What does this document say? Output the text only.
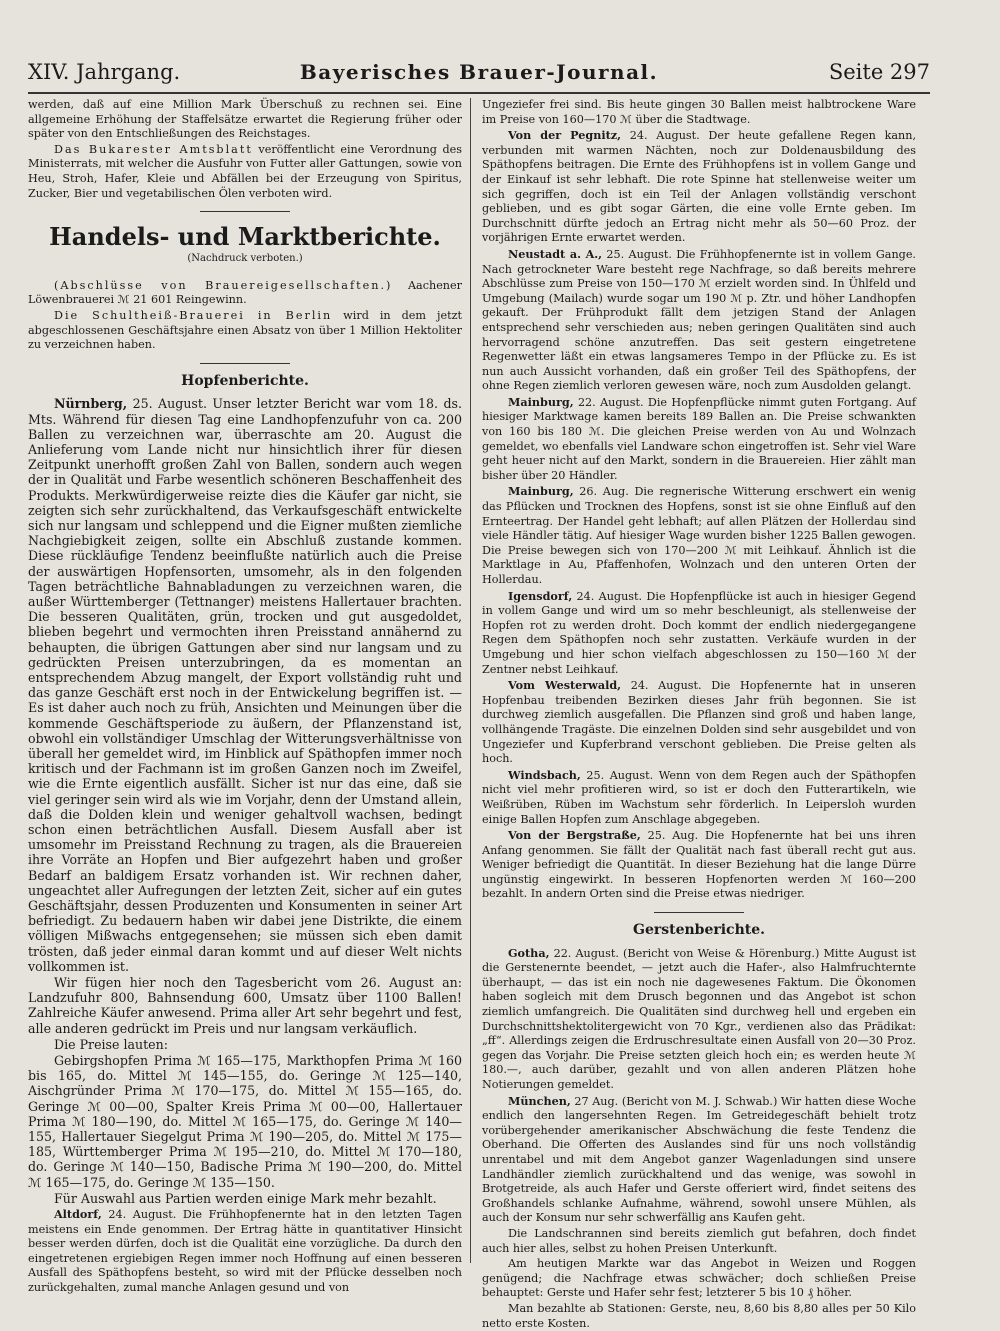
XIV. Jahrgang.	Bayerisches Brauer-Journal.	Seite 297

werden, daß auf eine Million Mark Überschuß zu rechnen sei. Eine allgemeine Erhöhung der Staffelsätze erwartet die Regierung früher oder später von den Entschließungen des Reichstages.

Das Bukarester Amtsblatt veröffentlicht eine Verordnung des Ministerrats, mit welcher die Ausfuhr von Futter aller Gattungen, sowie von Heu, Stroh, Hafer, Kleie und Abfällen bei der Erzeugung von Spiritus, Zucker, Bier und vegetabilischen Ölen verboten wird.

Handels- und Marktberichte.
(Nachdruck verboten.)

(Abschlüsse von Brauereigesellschaften.) Aachener Löwenbrauerei ℳ 21 601 Reingewinn.

Die Schultheiß-Brauerei in Berlin wird in dem jetzt abgeschlossenen Geschäftsjahre einen Absatz von über 1 Million Hektoliter zu verzeichnen haben.

Hopfenberichte.

Nürnberg, 25. August. Unser letzter Bericht war vom 18. ds. Mts. Während für diesen Tag eine Landhopfenzufuhr von ca. 200 Ballen zu verzeichnen war, überraschte am 20. August die Anlieferung vom Lande nicht nur hinsichtlich ihrer für diesen Zeitpunkt unerhofft großen Zahl von Ballen, sondern auch wegen der in Qualität und Farbe wesentlich schöneren Beschaffenheit des Produkts. Merkwürdigerweise reizte dies die Käufer gar nicht, sie zeigten sich sehr zurückhaltend, das Verkaufsgeschäft entwickelte sich nur langsam und schleppend und die Eigner mußten ziemliche Nachgiebigkeit zeigen, sollte ein Abschluß zustande kommen. Diese rückläufige Tendenz beeinflußte natürlich auch die Preise der auswärtigen Hopfensorten, umsomehr, als in den folgenden Tagen beträchtliche Bahnabladungen zu verzeichnen waren, die außer Württemberger (Tettnanger) meistens Hallertauer brachten. Die besseren Qualitäten, grün, trocken und gut ausgedoldet, blieben begehrt und vermochten ihren Preisstand annähernd zu behaupten, die übrigen Gattungen aber sind nur langsam und zu gedrückten Preisen unterzubringen, da es momentan an entsprechendem Abzug mangelt, der Export vollständig ruht und das ganze Geschäft erst noch in der Entwickelung begriffen ist. — Es ist daher auch noch zu früh, Ansichten und Meinungen über die kommende Geschäftsperiode zu äußern, der Pflanzenstand ist, obwohl ein vollständiger Umschlag der Witterungsverhältnisse von überall her gemeldet wird, im Hinblick auf Späthopfen immer noch kritisch und der Fachmann ist im großen Ganzen noch im Zweifel, wie die Ernte eigentlich ausfällt. Sicher ist nur das eine, daß sie viel geringer sein wird als wie im Vorjahr, denn der Umstand allein, daß die Dolden klein und weniger gehaltvoll wachsen, bedingt schon einen beträchtlichen Ausfall. Diesem Ausfall aber ist umsomehr im Preisstand Rechnung zu tragen, als die Brauereien ihre Vorräte an Hopfen und Bier aufgezehrt haben und großer Bedarf an baldigem Ersatz vorhanden ist. Wir rechnen daher, ungeachtet aller Aufregungen der letzten Zeit, sicher auf ein gutes Geschäftsjahr, dessen Produzenten und Konsumenten in seiner Art befriedigt. Zu bedauern haben wir dabei jene Distrikte, die einem völligen Mißwachs entgegensehen; sie müssen sich eben damit trösten, daß jeder einmal daran kommt und auf dieser Welt nichts vollkommen ist.

Wir fügen hier noch den Tagesbericht vom 26. August an: Landzufuhr 800, Bahnsendung 600, Umsatz über 1100 Ballen! Zahlreiche Käufer anwesend. Prima aller Art sehr begehrt und fest, alle anderen gedrückt im Preis und nur langsam verkäuflich.

Die Preise lauten:

Gebirgshopfen Prima ℳ 165—175, Markthopfen Prima ℳ 160 bis 165, do. Mittel ℳ 145—155, do. Geringe ℳ 125—140, Aischgründer Prima ℳ 170—175, do. Mittel ℳ 155—165, do. Geringe ℳ 00—00, Spalter Kreis Prima ℳ 00—00, Hallertauer Prima ℳ 180—190, do. Mittel ℳ 165—175, do. Geringe ℳ 140—155, Hallertauer Siegelgut Prima ℳ 190—205, do. Mittel ℳ 175—185, Württemberger Prima ℳ 195—210, do. Mittel ℳ 170—180, do. Geringe ℳ 140—150, Badische Prima ℳ 190—200, do. Mittel ℳ 165—175, do. Geringe ℳ 135—150.

Für Auswahl aus Partien werden einige Mark mehr bezahlt.

Altdorf, 24. August. Die Frühhopfenernte hat in den letzten Tagen meistens ein Ende genommen. Der Ertrag hätte in quantitativer Hinsicht besser werden dürfen, doch ist die Qualität eine vorzügliche. Da durch den eingetretenen ergiebigen Regen immer noch Hoffnung auf einen besseren Ausfall des Späthopfens besteht, so wird mit der Pflücke desselben noch zurückgehalten, zumal manche Anlagen gesund und von

Ungeziefer frei sind. Bis heute gingen 30 Ballen meist halbtrockene Ware im Preise von 160—170 ℳ über die Stadtwage.

Von der Pegnitz, 24. August. Der heute gefallene Regen kann, verbunden mit warmen Nächten, noch zur Doldenausbildung des Späthopfens beitragen. Die Ernte des Frühhopfens ist in vollem Gange und der Einkauf ist sehr lebhaft. Die rote Spinne hat stellenweise weiter um sich gegriffen, doch ist ein Teil der Anlagen vollständig verschont geblieben, und es gibt sogar Gärten, die eine volle Ernte geben. Im Durchschnitt dürfte jedoch an Ertrag nicht mehr als 50—60 Proz. der vorjährigen Ernte erwartet werden.

Neustadt a. A., 25. August. Die Frühhopfenernte ist in vollem Gange. Nach getrockneter Ware besteht rege Nachfrage, so daß bereits mehrere Abschlüsse zum Preise von 150—170 ℳ erzielt worden sind. In Ühlfeld und Umgebung (Mailach) wurde sogar um 190 ℳ p. Ztr. und höher Landhopfen gekauft. Der Frühprodukt fällt dem jetzigen Stand der Anlagen entsprechend sehr verschieden aus; neben geringen Qualitäten sind auch hervorragend schöne anzutreffen. Das seit gestern eingetretene Regenwetter läßt ein etwas langsameres Tempo in der Pflücke zu. Es ist nun auch Aussicht vorhanden, daß ein großer Teil des Späthopfens, der ohne Regen ziemlich verloren gewesen wäre, noch zum Ausdolden gelangt.

Mainburg, 22. August. Die Hopfenpflücke nimmt guten Fortgang. Auf hiesiger Marktwage kamen bereits 189 Ballen an. Die Preise schwankten von 160 bis 180 ℳ. Die gleichen Preise werden von Au und Wolnzach gemeldet, wo ebenfalls viel Landware schon eingetroffen ist. Sehr viel Ware geht heuer nicht auf den Markt, sondern in die Brauereien. Hier zählt man bisher über 20 Händler.

Mainburg, 26. Aug. Die regnerische Witterung erschwert ein wenig das Pflücken und Trocknen des Hopfens, sonst ist sie ohne Einfluß auf den Ernteertrag. Der Handel geht lebhaft; auf allen Plätzen der Hollerdau sind viele Händler tätig. Auf hiesiger Wage wurden bisher 1225 Ballen gewogen. Die Preise bewegen sich von 170—200 ℳ mit Leihkauf. Ähnlich ist die Marktlage in Au, Pfaffenhofen, Wolnzach und den unteren Orten der Hollerdau.

Igensdorf, 24. August. Die Hopfenpflücke ist auch in hiesiger Gegend in vollem Gange und wird um so mehr beschleunigt, als stellenweise der Hopfen rot zu werden droht. Doch kommt der endlich niedergegangene Regen dem Späthopfen noch sehr zustatten. Verkäufe wurden in der Umgebung und hier schon vielfach abgeschlossen zu 150—160 ℳ der Zentner nebst Leihkauf.

Vom Westerwald, 24. August. Die Hopfenernte hat in unseren Hopfenbau treibenden Bezirken dieses Jahr früh begonnen. Sie ist durchweg ziemlich ausgefallen. Die Pflanzen sind groß und haben lange, vollhängende Tragäste. Die einzelnen Dolden sind sehr ausgebildet und von Ungeziefer und Kupferbrand verschont geblieben. Die Preise gelten als hoch.

Windsbach, 25. August. Wenn von dem Regen auch der Späthopfen nicht viel mehr profitieren wird, so ist er doch den Futterartikeln, wie Weißrüben, Rüben im Wachstum sehr förderlich. In Leipersloh wurden einige Ballen Hopfen zum Anschlage abgegeben.

Von der Bergstraße, 25. Aug. Die Hopfenernte hat bei uns ihren Anfang genommen. Sie fällt der Qualität nach fast überall recht gut aus. Weniger befriedigt die Quantität. In dieser Beziehung hat die lange Dürre ungünstig eingewirkt. In besseren Hopfenorten werden ℳ 160—200 bezahlt. In andern Orten sind die Preise etwas niedriger.

Gerstenberichte.

Gotha, 22. August. (Bericht von Weise & Hörenburg.) Mitte August ist die Gerstenernte beendet, — jetzt auch die Hafer-, also Halmfruchternte überhaupt, — das ist ein noch nie dagewesenes Faktum. Die Ökonomen haben sogleich mit dem Drusch begonnen und das Angebot ist schon ziemlich umfangreich. Die Qualitäten sind durchweg hell und ergeben ein Durchschnittshektolitergewicht von 70 Kgr., verdienen also das Prädikat: „ff“. Allerdings zeigen die Erdruschresultate einen Ausfall von 20—30 Proz. gegen das Vorjahr. Die Preise setzten gleich hoch ein; es werden heute ℳ 180.—, auch darüber, gezahlt und von allen anderen Plätzen hohe Notierungen gemeldet.

München, 27 Aug. (Bericht von M. J. Schwab.) Wir hatten diese Woche endlich den langersehnten Regen. Im Getreidegeschäft behielt trotz vorübergehender amerikanischer Abschwächung die feste Tendenz die Oberhand. Die Offerten des Auslandes sind für uns noch vollständig unrentabel und mit dem Angebot ganzer Wagenladungen sind unsere Landhändler ziemlich zurückhaltend und das wenige, was sowohl in Brotgetreide, als auch Hafer und Gerste offeriert wird, findet seitens des Großhandels schlanke Aufnahme, während, sowohl unsere Mühlen, als auch der Konsum nur sehr schwerfällig ans Kaufen geht.

Die Landschrannen sind bereits ziemlich gut befahren, doch findet auch hier alles, selbst zu hohen Preisen Unterkunft.

Am heutigen Markte war das Angebot in Weizen und Roggen genügend; die Nachfrage etwas schwächer; doch schließen Preise behauptet: Gerste und Hafer sehr fest; letzterer 5 bis 10 ₰ höher.

Man bezahlte ab Stationen: Gerste, neu, 8,60 bis 8,80 alles per 50 Kilo netto erste Kosten.
